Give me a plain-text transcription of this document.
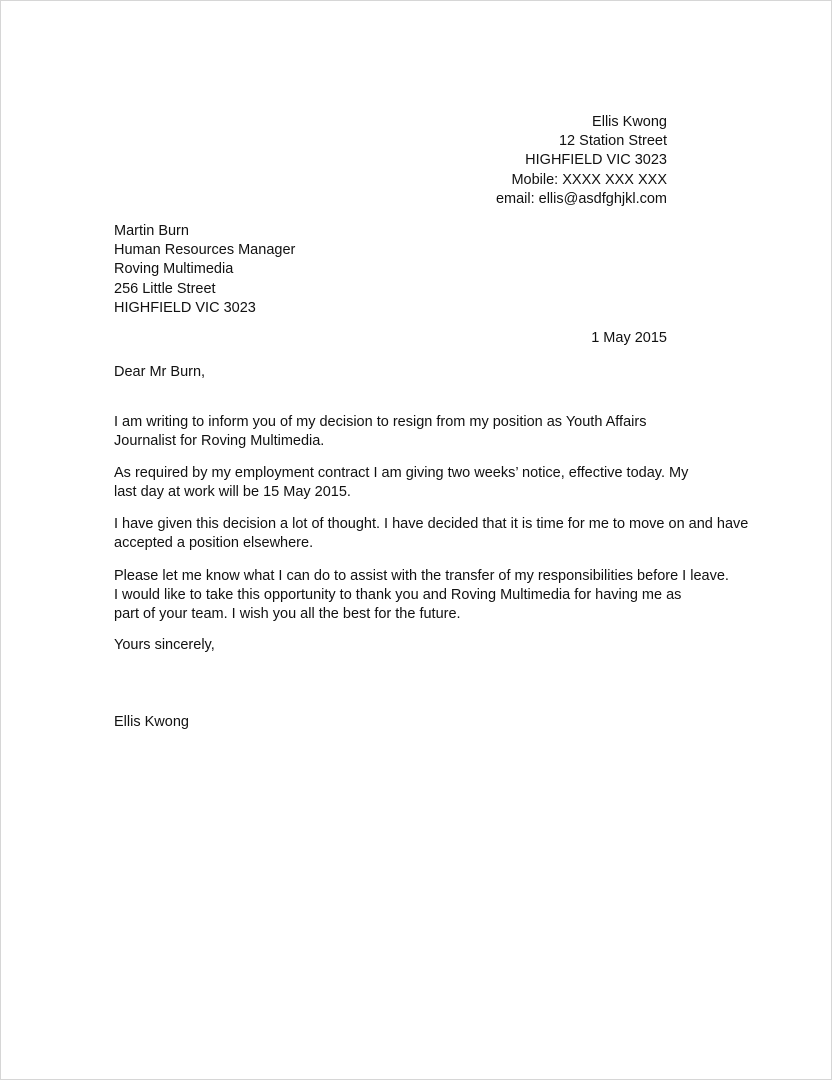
Ellis Kwong
12 Station Street
HIGHFIELD VIC 3023
Mobile: XXXX XXX XXX
email: ellis@asdfghjkl.com
Martin Burn
Human Resources Manager
Roving Multimedia
256 Little Street
HIGHFIELD VIC 3023
1 May 2015
Dear Mr Burn,
I am writing to inform you of my decision to resign from my position as Youth Affairs
Journalist for Roving Multimedia.
As required by my employment contract I am giving two weeks’ notice, effective today. My
last day at work will be 15 May 2015.
I have given this decision a lot of thought. I have decided that it is time for me to move on and have
accepted a position elsewhere.
Please let me know what I can do to assist with the transfer of my responsibilities before I leave.
I would like to take this opportunity to thank you and Roving Multimedia for having me as
part of your team. I wish you all the best for the future.
Yours sincerely,
Ellis Kwong
